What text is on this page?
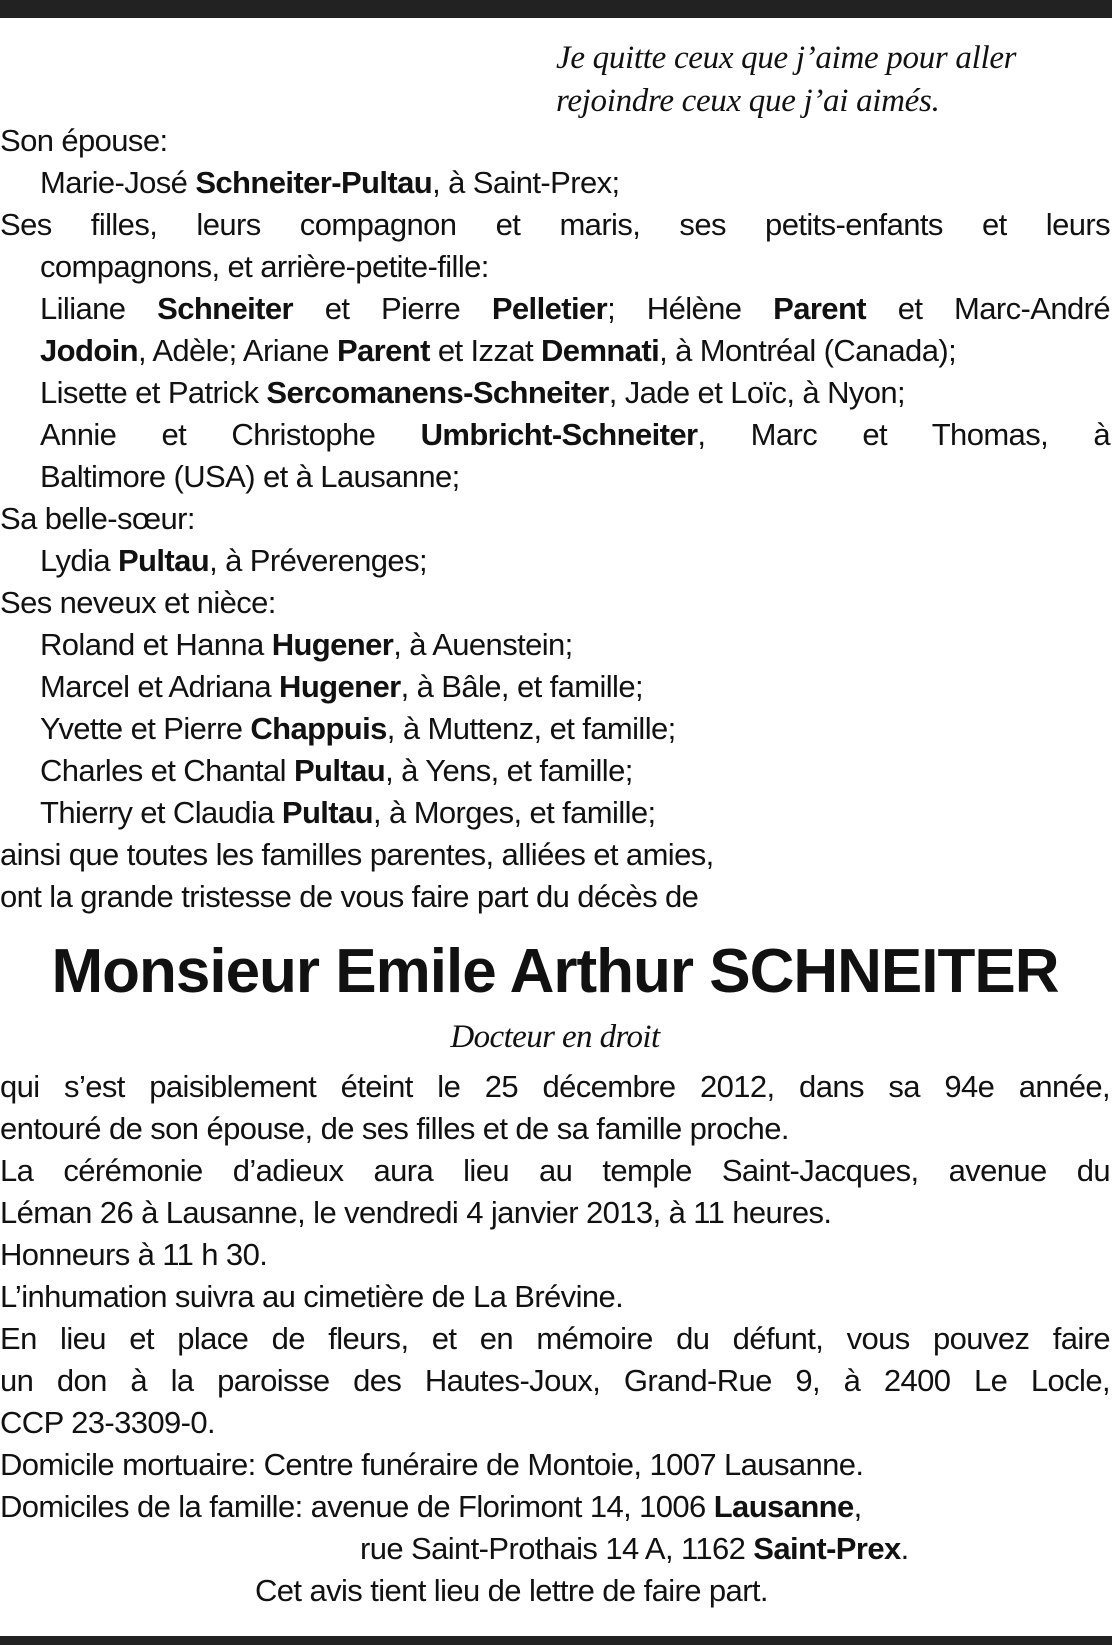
Je quitte ceux que j’aime pour aller
rejoindre ceux que j’ai aimés.
Son épouse:
Marie-José Schneiter-Pultau, à Saint-Prex;
Ses filles, leurs compagnon et maris, ses petits-enfants et leurs
compagnons, et arrière-petite-fille:
Liliane Schneiter et Pierre Pelletier; Hélène Parent et Marc-André
Jodoin, Adèle; Ariane Parent et Izzat Demnati, à Montréal (Canada);
Lisette et Patrick Sercomanens-Schneiter, Jade et Loïc, à Nyon;
Annie et Christophe Umbricht-Schneiter, Marc et Thomas, à
Baltimore (USA) et à Lausanne;
Sa belle-sœur:
Lydia Pultau, à Préverenges;
Ses neveux et nièce:
Roland et Hanna Hugener, à Auenstein;
Marcel et Adriana Hugener, à Bâle, et famille;
Yvette et Pierre Chappuis, à Muttenz, et famille;
Charles et Chantal Pultau, à Yens, et famille;
Thierry et Claudia Pultau, à Morges, et famille;
ainsi que toutes les familles parentes, alliées et amies,
ont la grande tristesse de vous faire part du décès de
Monsieur Emile Arthur SCHNEITER
Docteur en droit
qui s’est paisiblement éteint le 25 décembre 2012, dans sa 94e année,
entouré de son épouse, de ses filles et de sa famille proche.
La cérémonie d’adieux aura lieu au temple Saint-Jacques, avenue du
Léman 26 à Lausanne, le vendredi 4 janvier 2013, à 11 heures.
Honneurs à 11 h 30.
L’inhumation suivra au cimetière de La Brévine.
En lieu et place de fleurs, et en mémoire du défunt, vous pouvez faire
un don à la paroisse des Hautes-Joux, Grand-Rue 9, à 2400 Le Locle,
CCP 23-3309-0.
Domicile mortuaire: Centre funéraire de Montoie, 1007 Lausanne.
Domiciles de la famille: avenue de Florimont 14, 1006 Lausanne,
rue Saint-Prothais 14 A, 1162 Saint-Prex.
Cet avis tient lieu de lettre de faire part.
